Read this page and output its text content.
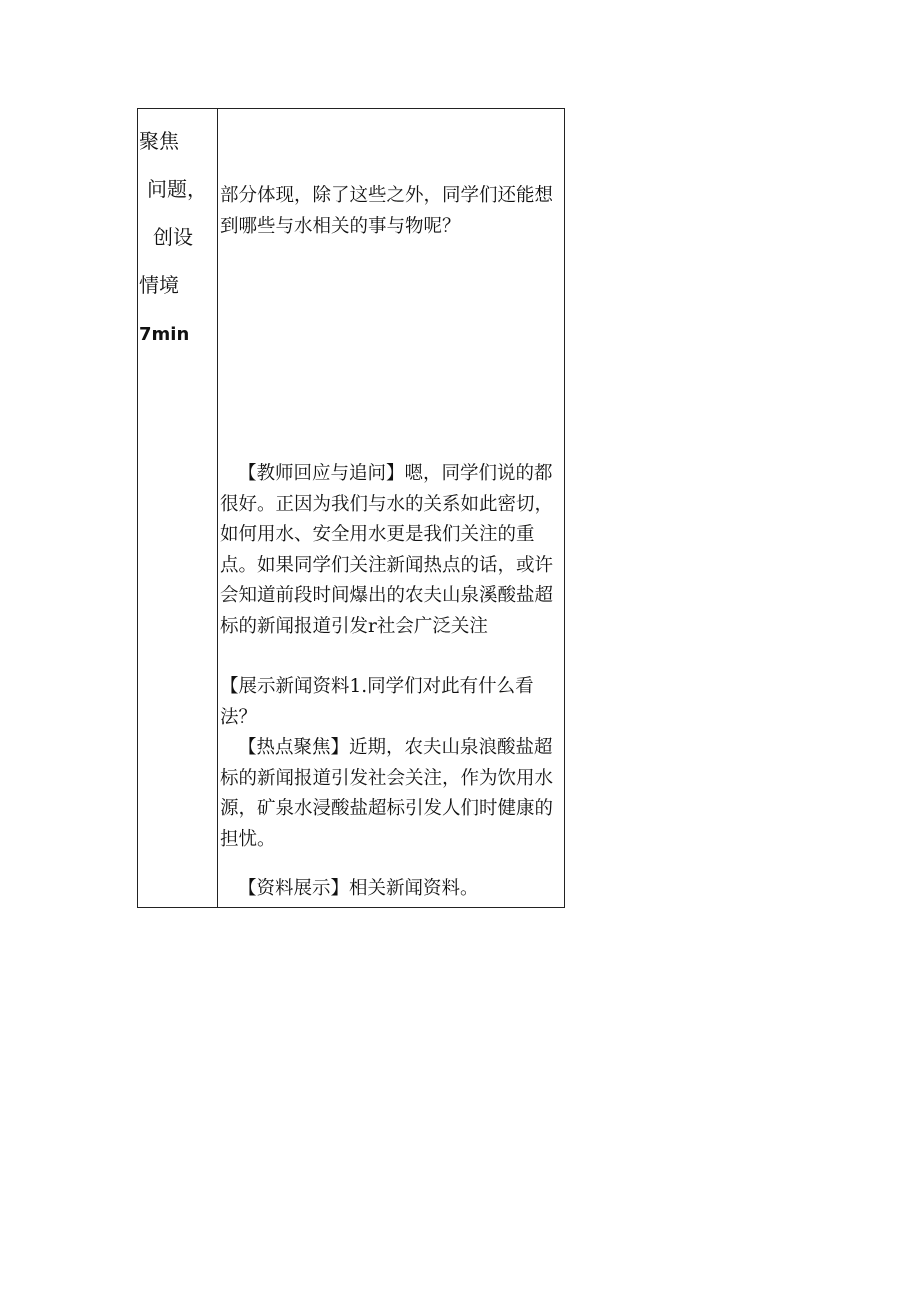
聚焦
问题，
创设
情境
7min

部分体现，除了这些之外，同学们还能想到哪些与水相关的事与物呢？

【教师回应与追问】嗯，同学们说的都很好。正因为我们与水的关系如此密切，如何用水、安全用水更是我们关注的重点。如果同学们关注新闻热点的话，或许会知道前段时间爆出的农夫山泉溪酸盐超标的新闻报道引发r社会广泛关注

【展示新闻资料1.同学们对此有什么看法？

【热点聚焦】近期，农夫山泉浪酸盐超标的新闻报道引发社会关注，作为饮用水源，矿泉水浸酸盐超标引发人们时健康的担忧。

【资料展示】相关新闻资料。
